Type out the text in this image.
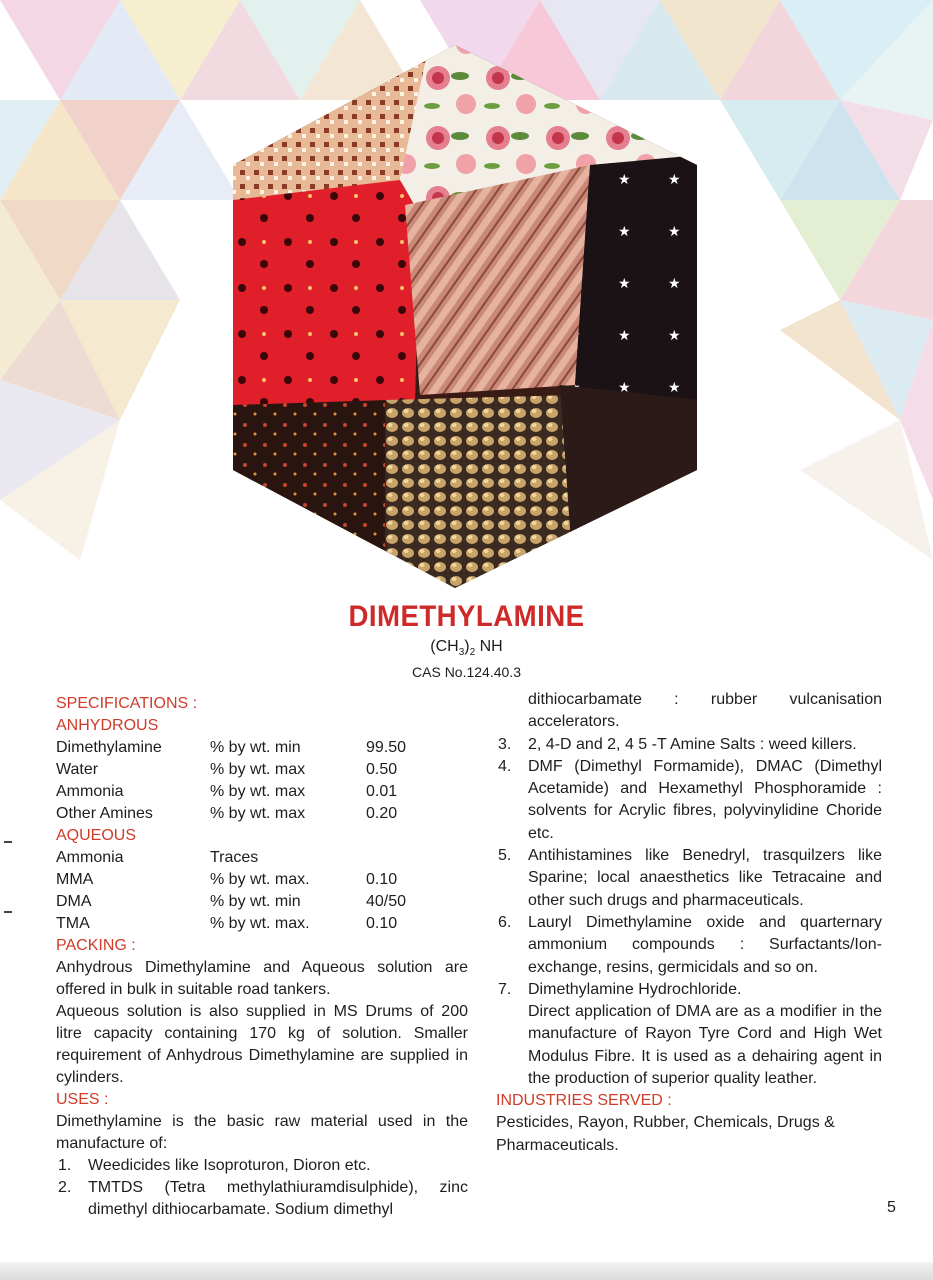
DIMETHYLAMINE
$(CH_3)_2$ NH
CAS No.124.40.3
SPECIFICATIONS :
ANHYDROUS
Dimethylamine	% by wt. min	99.50
Water	% by wt. max	0.50
Ammonia	% by wt. max	0.01
Other Amines	% by wt. max	0.20
AQUEOUS
Ammonia	Traces	
MMA	% by wt. max.	0.10
DMA	% by wt. min	40/50
TMA	% by wt. max.	0.10
PACKING :

Anhydrous Dimethylamine and Aqueous solution are offered in bulk in suitable road tankers.

Aqueous solution is also supplied in MS Drums of 200 litre capacity containing 170 kg of solution. Smaller requirement of Anhydrous Dimethylamine are supplied in cylinders.

USES :

Dimethylamine is the basic raw material used in the manufacture of:

1. Weedicides like Isoproturon, Dioron etc.
2. TMTDS (Tetra methylathiuramdisulphide), zinc dimethyl dithiocarbamate. Sodium dimethyl

dithiocarbamate : rubber vulcanisation accelerators.

3. 2, 4-D and 2, 4 5 -T Amine Salts : weed killers.
4. DMF (Dimethyl Formamide), DMAC (Dimethyl Acetamide) and Hexamethyl Phosphoramide : solvents for Acrylic fibres, polyvinylidine Choride etc.
5. Antihistamines like Benedryl, trasquilzers like Sparine; local anaesthetics like Tetracaine and other such drugs and pharmaceuticals.
6. Lauryl Dimethylamine oxide and quarternary ammonium compounds : Surfactants/Ion- exchange, resins, germicidals and so on.
7. Dimethylamine Hydrochloride.

Direct application of DMA are as a modifier in the manufacture of Rayon Tyre Cord and High Wet Modulus Fibre. It is used as a dehairing agent in the production of superior quality leather.

INDUSTRIES SERVED :

Pesticides, Rayon, Rubber, Chemicals, Drugs & Pharmaceuticals.

5
